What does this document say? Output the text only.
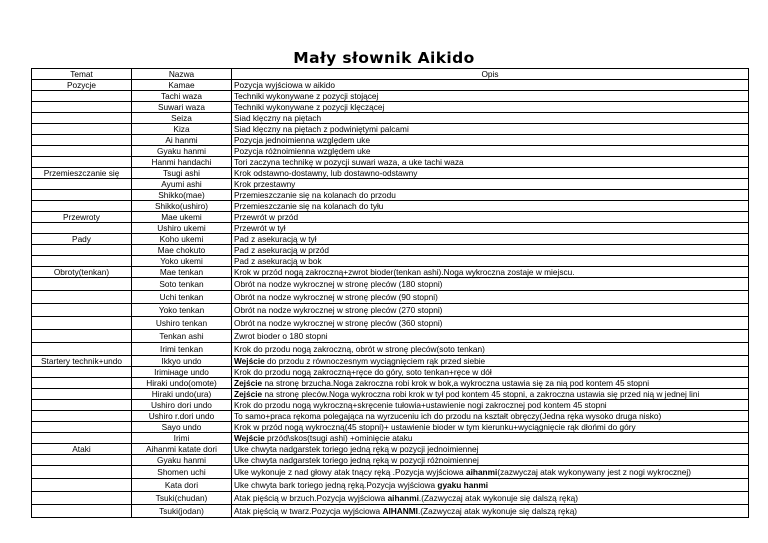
Mały słownik Aikido
Temat	Nazwa	Opis
Pozycje	Kamae	Pozycja wyjściowa w aikido
	Tachi waza	Techniki wykonywane z pozycji stojącej
	Suwari waza	Techniki wykonywane z pozycji klęczącej
	Seiza	Siad klęczny na piętach
	Kiza	Siad klęczny na piętach z podwiniętymi palcami
	Ai hanmi	Pozycja jednoimienna względem uke
	Gyaku hanmi	Pozycja różnoimienna względem uke
	Hanmi handachi	Tori zaczyna technikę w pozycji suwari waza, a uke tachi waza
Przemieszczanie się	Tsugi ashi	Krok odstawno-dostawny, lub dostawno-odstawny
	Ayumi ashi	Krok przestawny
	Shikko(mae)	Przemieszczanie się na kolanach do przodu
	Shikko(ushiro)	Przemieszczanie się na kolanach do tyłu
Przewroty	Mae ukemi	Przewrót w przód
	Ushiro ukemi	Przewrót w tył
Pady	Koho ukemi	Pad z asekuracją w tył
	Mae chokuto	Pad z asekuracją w przód
	Yoko ukemi	Pad z asekuracją w bok
Obroty(tenkan)	Mae tenkan	Krok w przód nogą zakroczną+zwrot bioder(tenkan ashi).Noga wykroczna zostaje w miejscu.
	Soto tenkan	Obrót na nodze wykrocznej w stronę pleców (180 stopni)
	Uchi tenkan	Obrót na nodze wykrocznej w stronę pleców (90 stopni)
	Yoko tenkan	Obrót na nodze wykrocznej w stronę pleców (270 stopni)
	Ushiro tenkan	Obrót na nodze wykrocznej w stronę pleców (360 stopni)
	Tenkan ashi	Zwrot bioder o 180 stopni
	Irimi tenkan	Krok do przodu nogą zakroczną, obrót w stronę pleców(soto tenkan)
Startery technik+undo	Ikkyo undo	Wejście do przodu z równoczesnym wyciągnięciem rąk przed siebie
	Irimінage undo	Krok do przodu nogą zakroczną+ręce do góry, soto tenkan+ręce w dół
	Hiraki undo(omote)	Zejście na stronę brzucha.Noga zakroczna robi krok w bok,a wykroczna ustawia się za nią pod kontem 45 stopni
	Hiraki undo(ura)	Zejście na stronę pleców.Noga wykroczna robi krok w tył pod kontem 45 stopni, a zakroczna ustawia się przed nią w jednej lini
	Ushiro dori undo	Krok do przodu nogą wykroczną+skręcenie tułowia+ustawienie nogi zakrocznej pod kontem 45 stopni
	Ushiro r.dori undo	To samo+praca rękoma polegająca na wyrzuceniu ich do przodu na kształt obręczy(Jedna ręka wysoko druga nisko)
	Sayo undo	Krok w przód nogą wykroczną(45 stopni)+ ustawienie bioder w tym kierunku+wyciągnięcie rąk dłońmi do góry
	Irimi	Wejście przód\skos(tsugi ashi) +ominięcie ataku
Ataki	Aihanmi katate dori	Uke chwyta nadgarstek toriego jedną ręką w pozycji jednoimiennej
	Gyaku hanmi	Uke chwyta nadgarstek toriego jedną ręką w pozycji różnoimiennej
	Shomen uchi	Uke wykonuje z nad głowy atak tnący ręką .Pozycja wyjściowa aihanmi(zazwyczaj atak wykonywany jest z nogi wykrocznej)
	Kata dori	Uke chwyta bark toriego jedną ręką.Pozycja wyjściowa gyaku hanmi
	Tsuki(chudan)	Atak pięścią w brzuch.Pozycja wyjściowa aihanmi.(Zazwyczaj atak wykonuje się dalszą ręką)
	Tsuki(jodan)	Atak pięścią w twarz.Pozycja wyjściowa AIHANMI.(Zazwyczaj atak wykonuje się dalszą ręką)
